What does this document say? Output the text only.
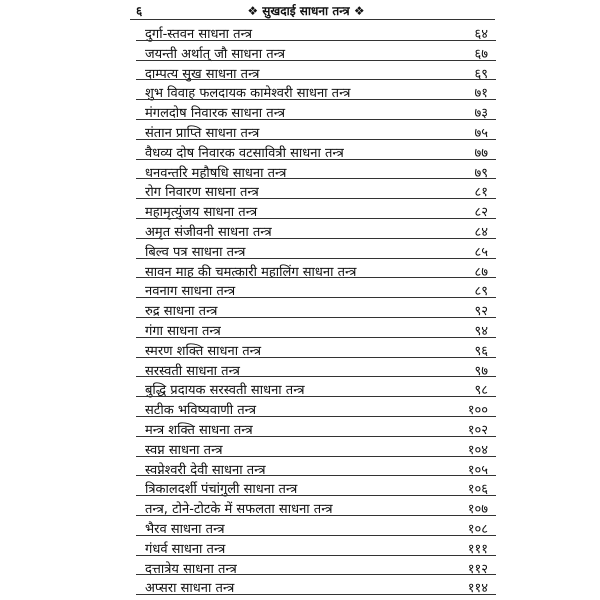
६	❖ सुखदाई साधना तन्त्र ❖
दुर्गा-स्तवन साधना तन्त्र	६४
जयन्ती अर्थात् जौ साधना तन्त्र	६७
दाम्पत्य सुख साधना तन्त्र	६९
शुभ विवाह फलदायक कामेश्वरी साधना तन्त्र	७१
मंगलदोष निवारक साधना तन्त्र	७३
संतान प्राप्ति साधना तन्त्र	७५
वैधव्य दोष निवारक वटसावित्री साधना तन्त्र	७७
धनवन्तरि महौषधि साधना तन्त्र	७९
रोग निवारण साधना तन्त्र	८१
महामृत्युंजय साधना तन्त्र	८२
अमृत संजीवनी साधना तन्त्र	८४
बिल्व पत्र साधना तन्त्र	८५
सावन माह की चमत्कारी महालिंग साधना तन्त्र	८७
नवनाग साधना तन्त्र	८९
रुद्र साधना तन्त्र	९२
गंगा साधना तन्त्र	९४
स्मरण शक्ति साधना तन्त्र	९६
सरस्वती साधना तन्त्र	९७
बुद्धि प्रदायक सरस्वती साधना तन्त्र	९८
सटीक भविष्यवाणी तन्त्र	१००
मन्त्र शक्ति साधना तन्त्र	१०२
स्वप्न साधना तन्त्र	१०४
स्वप्नेश्वरी देवी साधना तन्त्र	१०५
त्रिकालदर्शी पंचांगुली साधना तन्त्र	१०६
तन्त्र, टोने-टोटके में सफलता साधना तन्त्र	१०७
भैरव साधना तन्त्र	१०८
गंधर्व साधना तन्त्र	१११
दत्तात्रेय साधना तन्त्र	११२
अप्सरा साधना तन्त्र	११४
